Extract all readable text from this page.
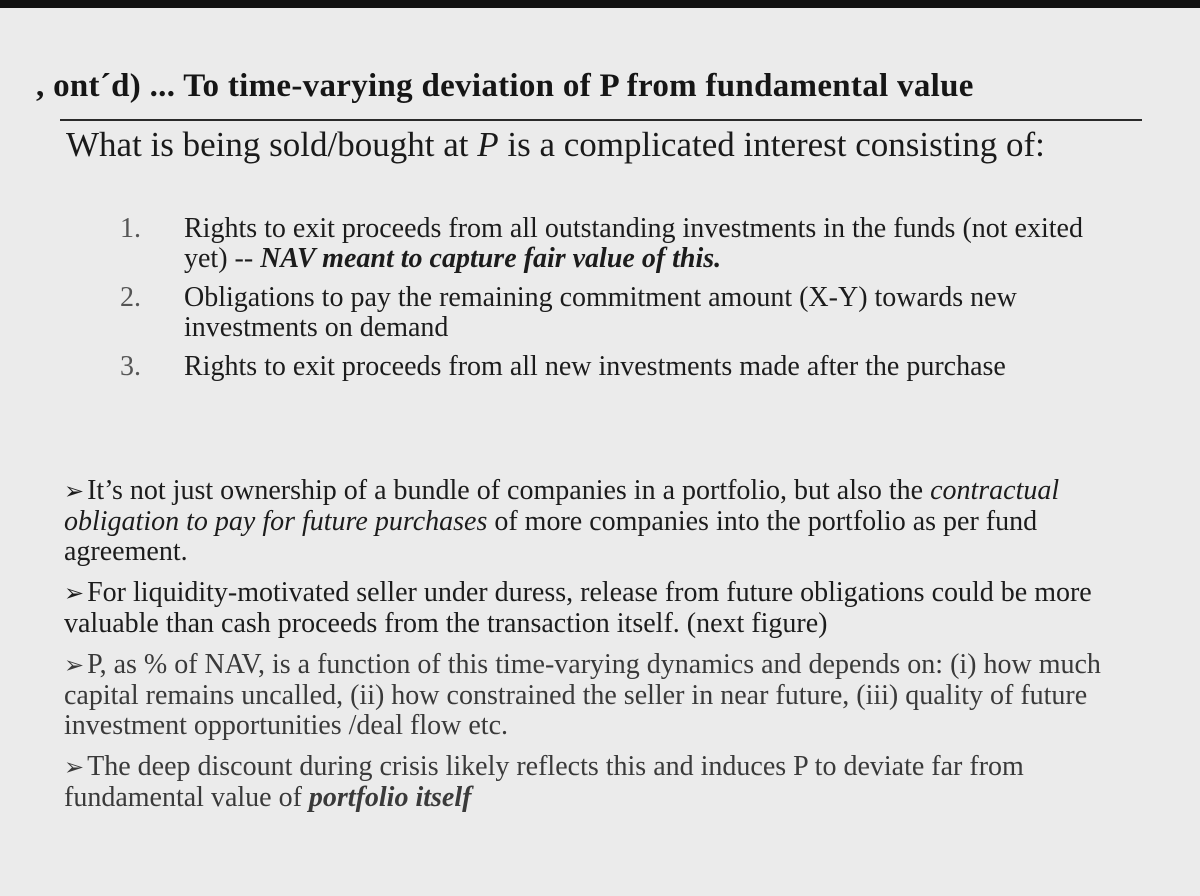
, ont´d) ... To time-varying deviation of P from fundamental value
What is being sold/bought at P is a complicated interest consisting of:
1.	Rights to exit proceeds from all outstanding investments in the funds (not exited yet) -- NAV meant to capture fair value of this.
2.	Obligations to pay the remaining commitment amount (X-Y) towards new investments on demand
3.	Rights to exit proceeds from all new investments made after the purchase
➢ It’s not just ownership of a bundle of companies in a portfolio, but also the contractual obligation to pay for future purchases of more companies into the portfolio as per fund agreement.
➢ For liquidity-motivated seller under duress, release from future obligations could be more valuable than cash proceeds from the transaction itself. (next figure)
➢ P, as % of NAV, is a function of this time-varying dynamics and depends on: (i) how much capital remains uncalled, (ii) how constrained the seller in near future, (iii) quality of future investment opportunities /deal flow etc.
➢ The deep discount during crisis likely reflects this and induces P to deviate far from fundamental value of portfolio itself
